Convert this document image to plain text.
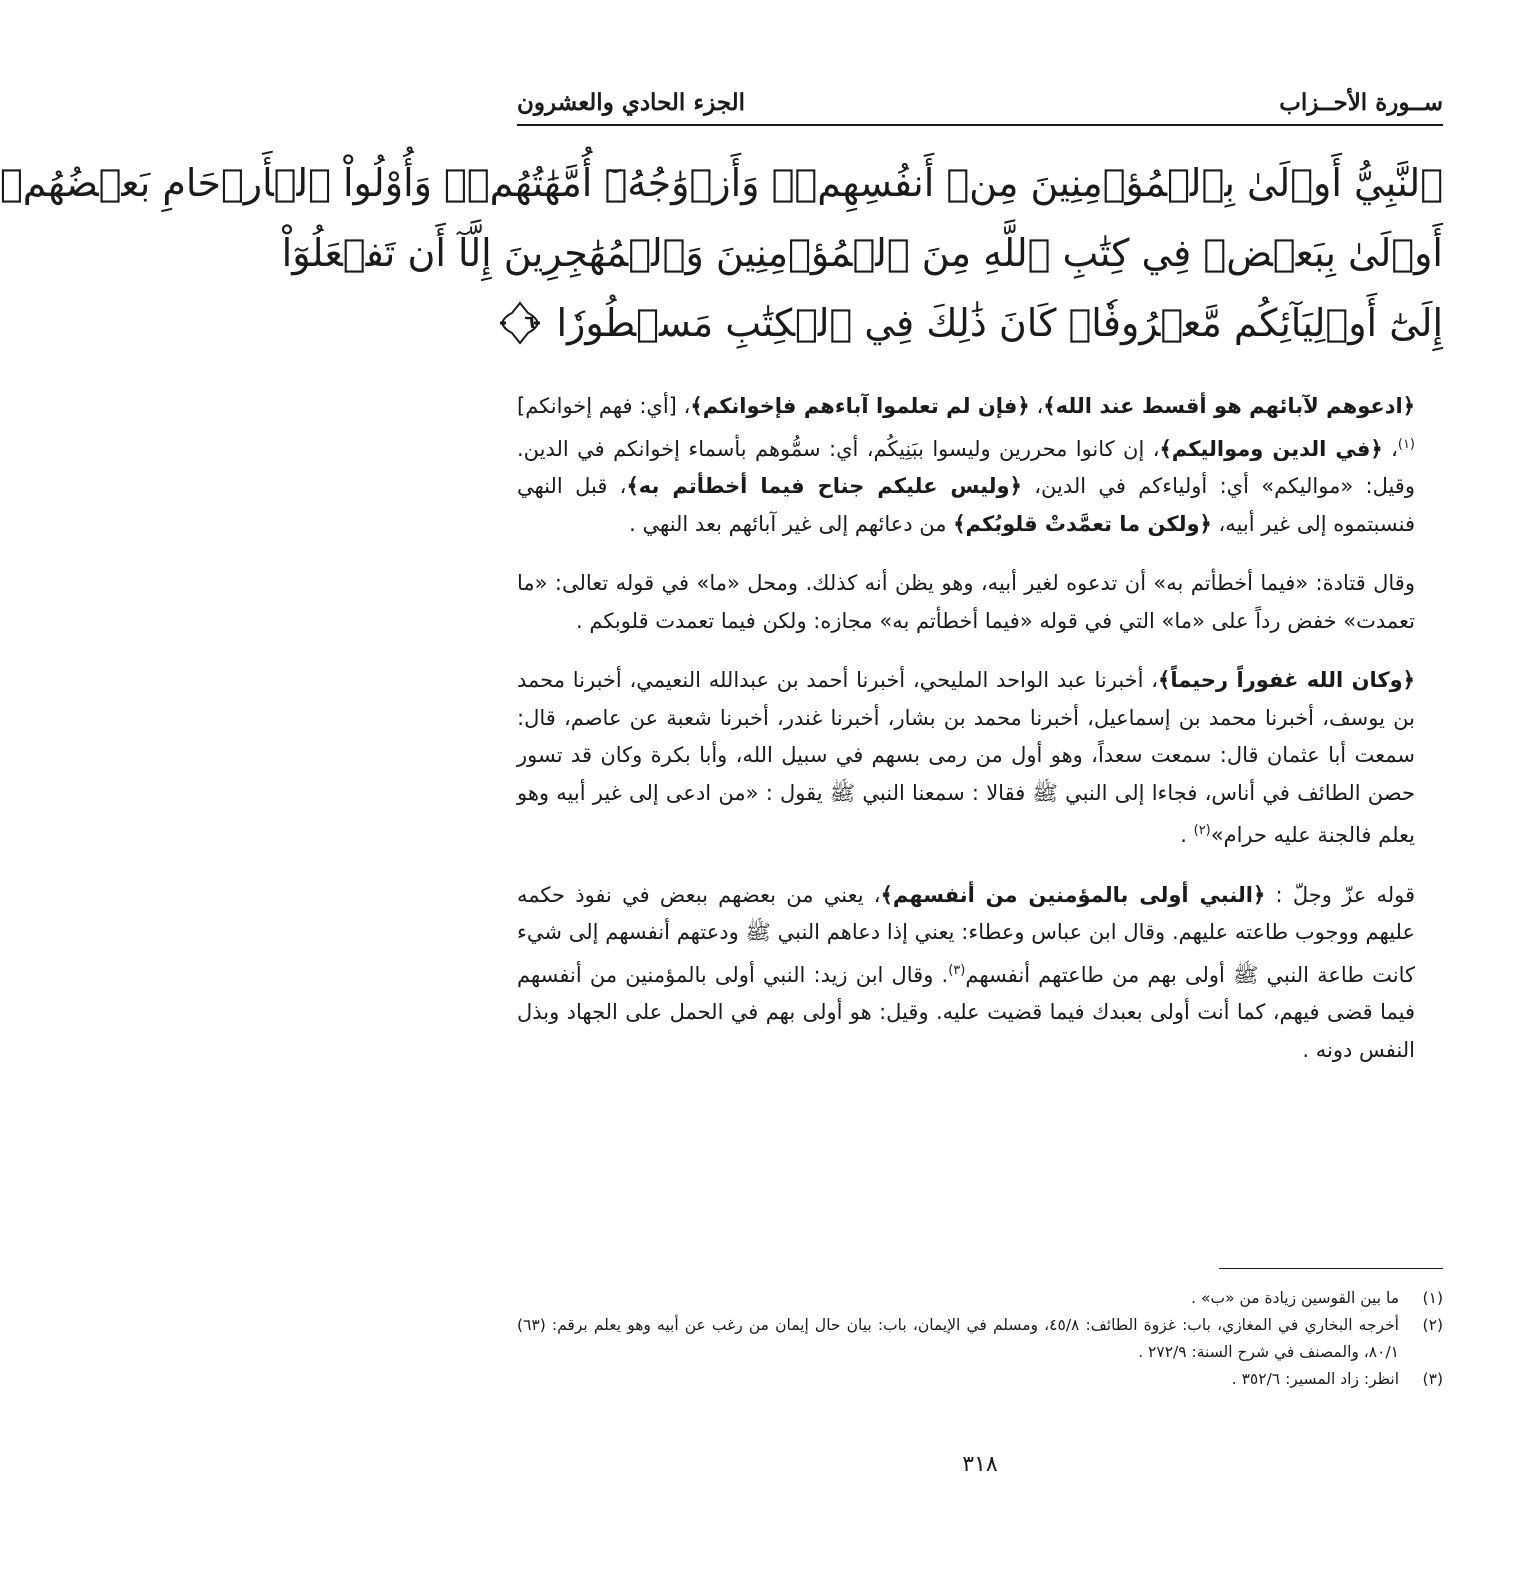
ســورة الأحــزاب
الجزء الحادي والعشرون
ٱلنَّبِيُّ أَوۡلَىٰ بِٱلۡمُؤۡمِنِينَ مِنۡ أَنفُسِهِمۡۖ وَأَزۡوَٰجُهُۥٓ أُمَّهَٰتُهُمۡۗ وَأُوْلُواْ ٱلۡأَرۡحَامِ بَعۡضُهُمۡ
أَوۡلَىٰ بِبَعۡضٖ فِي كِتَٰبِ ٱللَّهِ مِنَ ٱلۡمُؤۡمِنِينَ وَٱلۡمُهَٰجِرِينَ إِلَّآ أَن تَفۡعَلُوٓاْ
إِلَىٰٓ أَوۡلِيَآئِكُم مَّعۡرُوفٗاۚ كَانَ ذَٰلِكَ فِي ٱلۡكِتَٰبِ مَسۡطُورٗا
٦

﴿ادعوهم لآبائهم هو أقسط عند الله﴾، ﴿فإن لم تعلموا آباءهم فإخوانكم﴾، [أي: فهم إخوانكم]$^{(١)}$، ﴿في الدين ومواليكم﴾، إن كانوا محررين وليسوا ببَنِيكُم، أي: سمُّوهم بأسماء إخوانكم في الدين. وقيل: «مواليكم» أي: أولياءكم في الدين، ﴿وليس عليكم جناح فيما أخطأتم به﴾، قبل النهي فنسبتموه إلى غير أبيه، ﴿ولكن ما تعمَّدتْ قلوبُكم﴾ من دعائهم إلى غير آبائهم بعد النهي .

وقال قتادة: «فيما أخطأتم به» أن تدعوه لغير أبيه، وهو يظن أنه كذلك. ومحل «ما» في قوله تعالى: «ما تعمدت» خفض رداً على «ما» التي في قوله «فيما أخطأتم به» مجازه: ولكن فيما تعمدت قلوبكم .

﴿وكان الله غفوراً رحيماً﴾، أخبرنا عبد الواحد المليحي، أخبرنا أحمد بن عبدالله النعيمي، أخبرنا محمد بن يوسف، أخبرنا محمد بن إسماعيل، أخبرنا محمد بن بشار، أخبرنا غندر، أخبرنا شعبة عن عاصم، قال: سمعت أبا عثمان قال: سمعت سعداً، وهو أول من رمى بسهم في سبيل الله، وأبا بكرة وكان قد تسور حصن الطائف في أناس، فجاءا إلى النبي ﷺ فقالا : سمعنا النبي ﷺ يقول : «من ادعى إلى غير أبيه وهو يعلم فالجنة عليه حرام»$^{(٢)}$ .

قوله عزّ وجلّ : ﴿النبي أولى بالمؤمنين من أنفسهم﴾، يعني من بعضهم ببعض في نفوذ حكمه عليهم ووجوب طاعته عليهم. وقال ابن عباس وعطاء: يعني إذا دعاهم النبي ﷺ ودعتهم أنفسهم إلى شيء كانت طاعة النبي ﷺ أولى بهم من طاعتهم أنفسهم$^{(٣)}$. وقال ابن زيد: النبي أولى بالمؤمنين من أنفسهم فيما قضى فيهم، كما أنت أولى بعبدك فيما قضيت عليه. وقيل: هو أولى بهم في الحمل على الجهاد وبذل النفس دونه .

(١)
ما بين القوسين زيادة من «ب» .
(٢)
أخرجه البخاري في المغازي، باب: غزوة الطائف: ٤٥/٨، ومسلم في الإيمان، باب: بيان حال إيمان من رغب عن أبيه وهو يعلم برقم: (٦٣) ٨٠/١، والمصنف في شرح السنة: ٢٧٢/٩ .
(٣)
انظر: زاد المسير: ٣٥٢/٦ .
٣١٨
